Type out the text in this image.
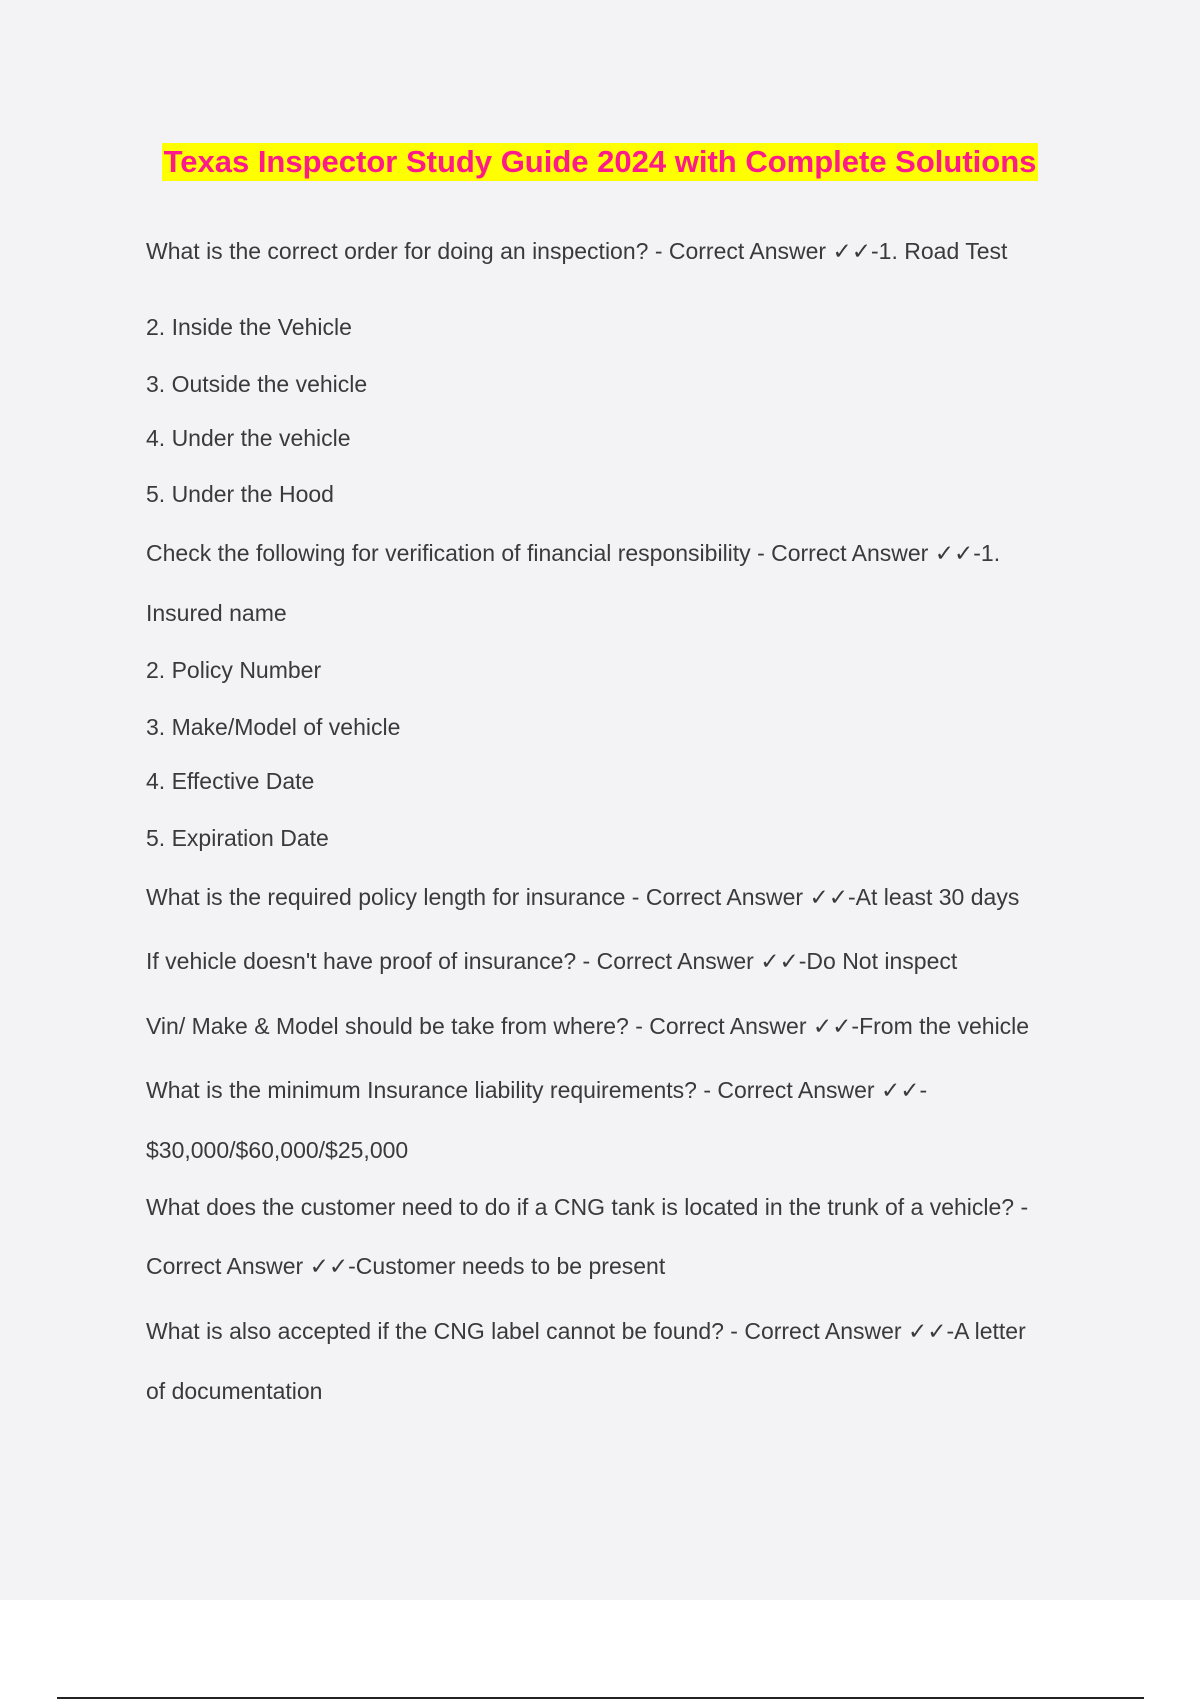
Texas Inspector Study Guide 2024 with Complete Solutions
What is the correct order for doing an inspection? - Correct Answer ✓✓-1. Road Test
2. Inside the Vehicle
3. Outside the vehicle
4. Under the vehicle
5. Under the Hood
Check the following for verification of financial responsibility - Correct Answer ✓✓-1.
Insured name
2. Policy Number
3. Make/Model of vehicle
4. Effective Date
5. Expiration Date
What is the required policy length for insurance - Correct Answer ✓✓-At least 30 days
If vehicle doesn't have proof of insurance? - Correct Answer ✓✓-Do Not inspect
Vin/ Make & Model should be take from where? - Correct Answer ✓✓-From the vehicle
What is the minimum Insurance liability requirements? - Correct Answer ✓✓-
$30,000/$60,000/$25,000
What does the customer need to do if a CNG tank is located in the trunk of a vehicle? -
Correct Answer ✓✓-Customer needs to be present
What is also accepted if the CNG label cannot be found? - Correct Answer ✓✓-A letter
of documentation
